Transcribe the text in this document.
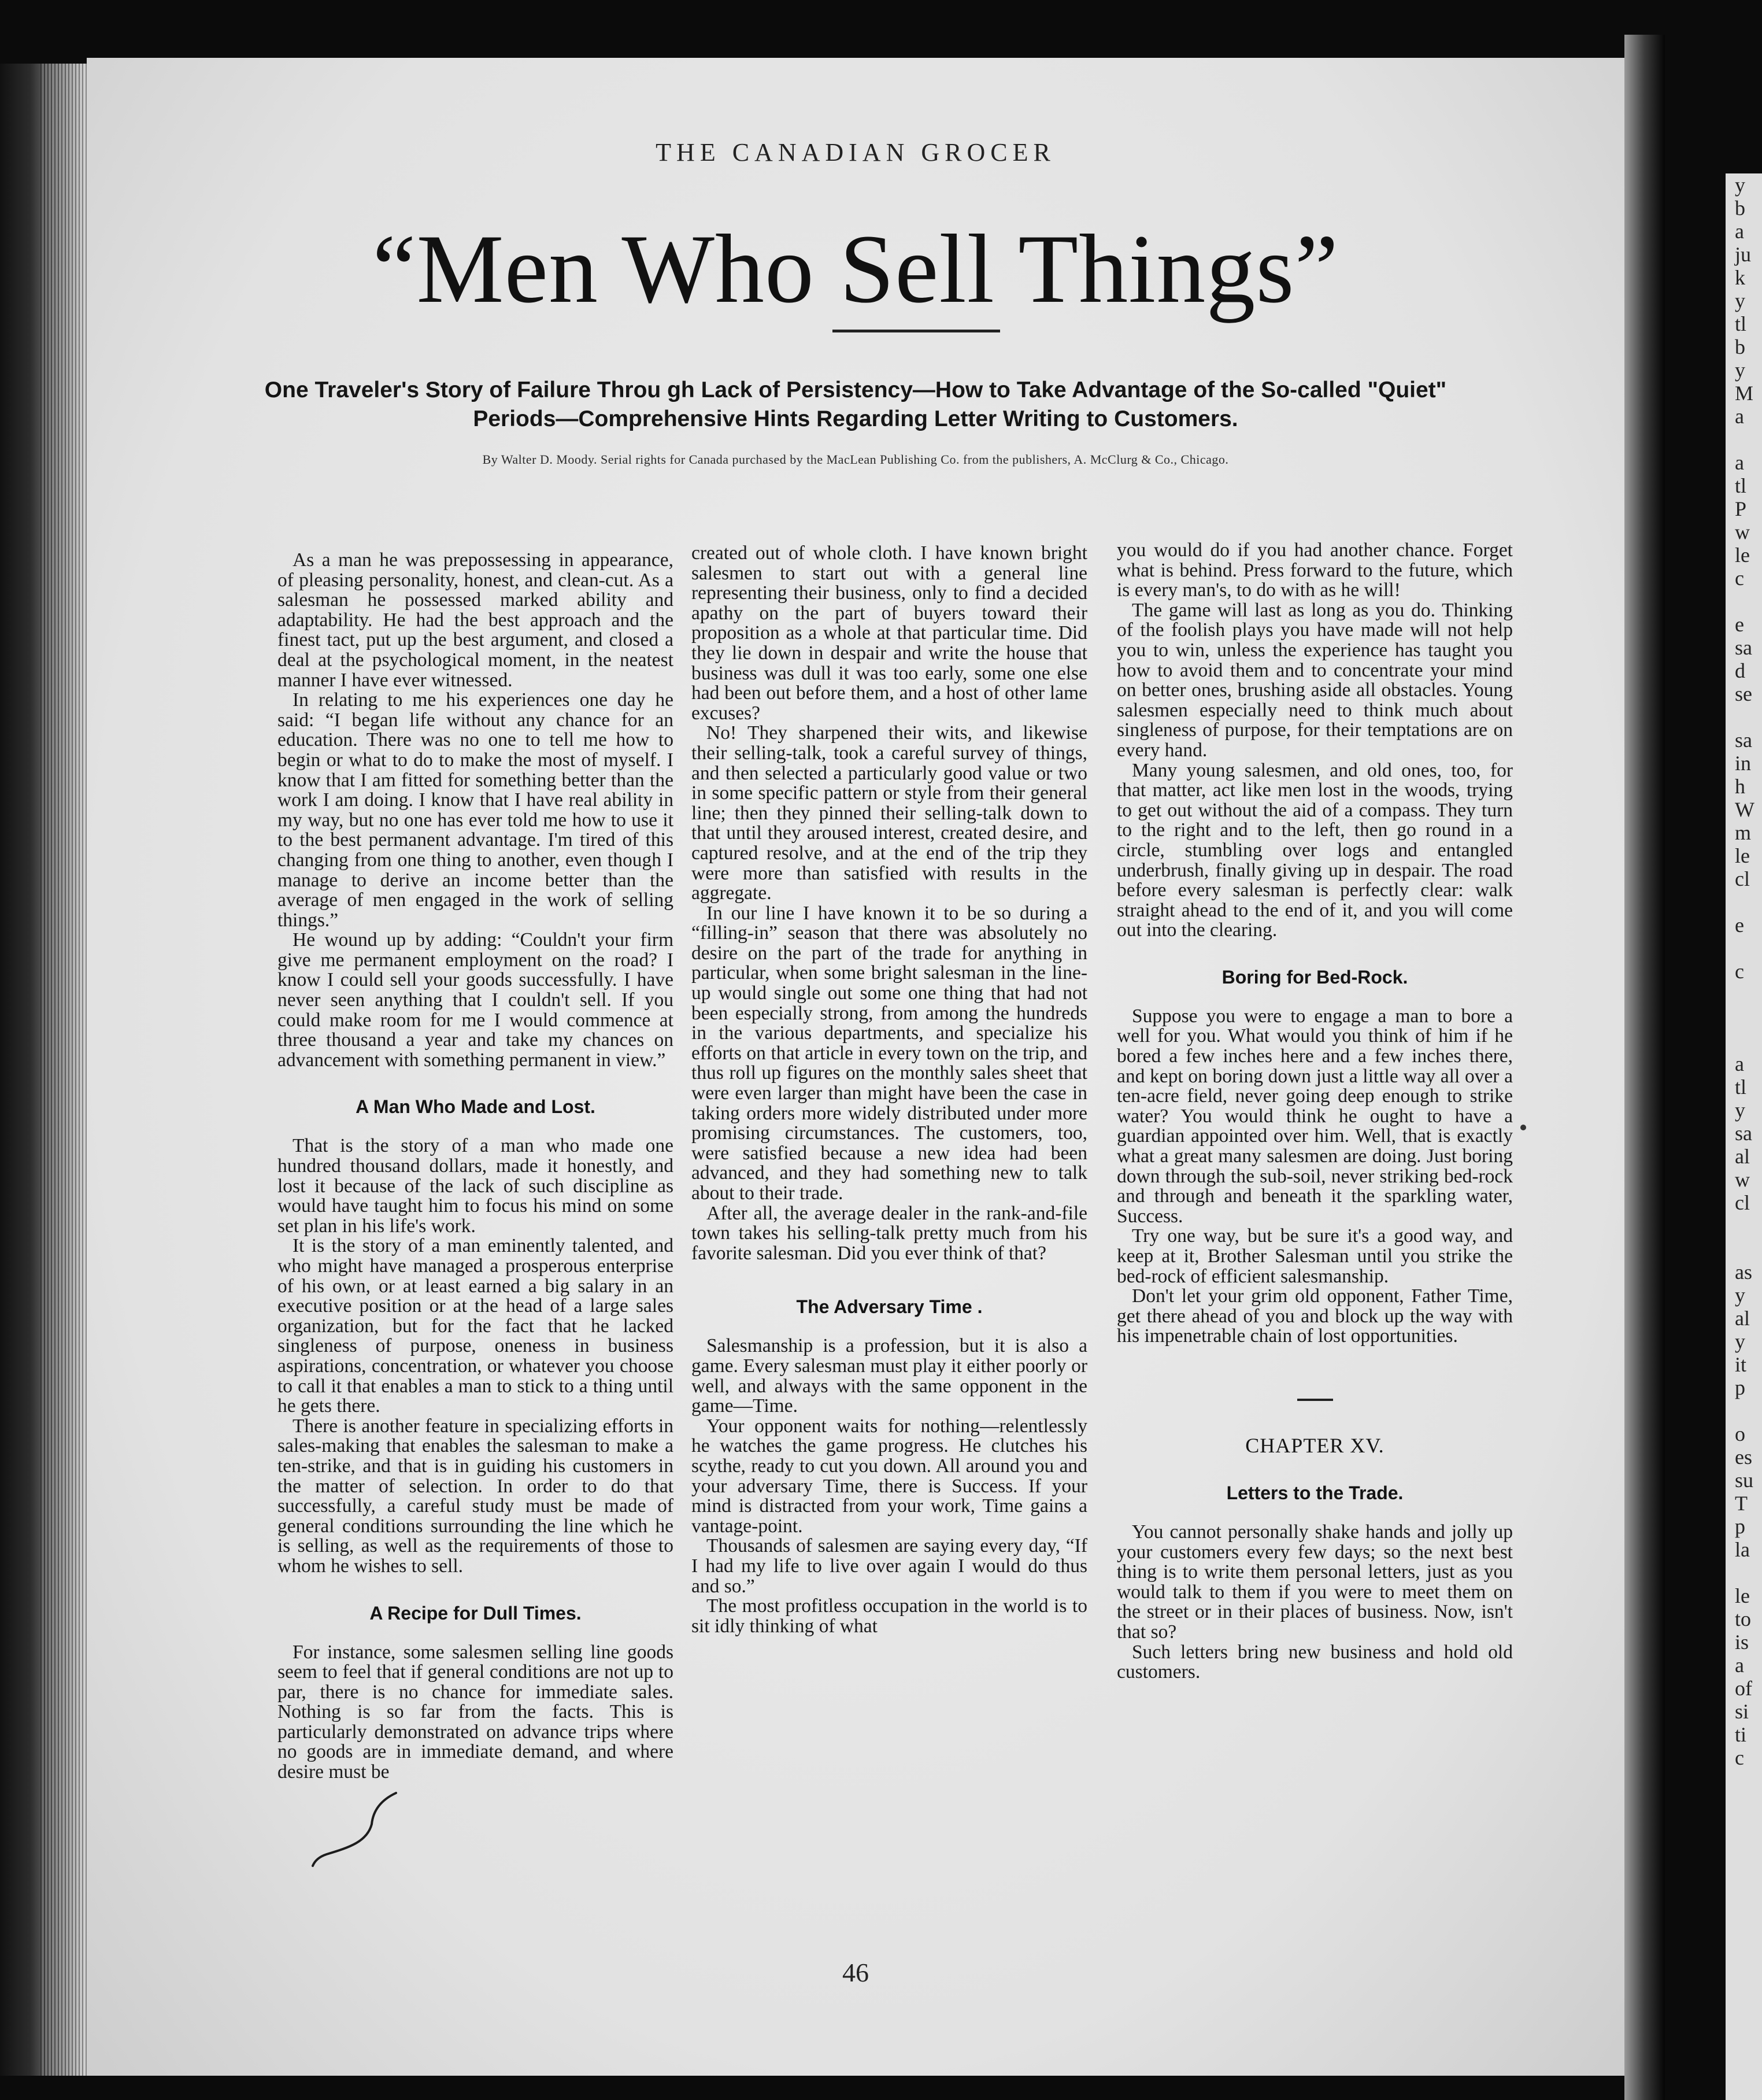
y
b
a
ju
k
y
tl
b
y
M
a

a
tl
P
w
le
c

e
sa
d
se

sa
in
h
W
m
le
cl

e

c

a
tl
y
sa
al
w
cl

as
y
al
y
it
p

o
es
su
T
p
la

le
to
is
a
of
si
ti
c
THE CANADIAN GROCER
“Men Who Sell Things”
One Traveler's Story of Failure Throu gh Lack of Persistency—How to Take Advantage of the So-called "Quiet"
Periods—Comprehensive Hints Regarding Letter Writing to Customers.
By Walter D. Moody. Serial rights for Canada purchased by the MacLean Publishing Co. from the publishers, A. McClurg & Co., Chicago.

As a man he was prepossessing in appearance, of pleasing personality, honest, and clean-cut. As a salesman he possessed marked ability and adaptability. He had the best approach and the finest tact, put up the best argument, and closed a deal at the psychological moment, in the neatest manner I have ever witnessed.

In relating to me his experiences one day he said: “I began life without any chance for an education. There was no one to tell me how to begin or what to do to make the most of myself. I know that I am fitted for something better than the work I am doing. I know that I have real ability in my way, but no one has ever told me how to use it to the best permanent advantage. I'm tired of this changing from one thing to another, even though I manage to derive an income better than the average of men engaged in the work of selling things.”

He wound up by adding: “Couldn't your firm give me permanent employment on the road? I know I could sell your goods successfully. I have never seen anything that I couldn't sell. If you could make room for me I would commence at three thousand a year and take my chances on advancement with something permanent in view.”

A Man Who Made and Lost.

That is the story of a man who made one hundred thousand dollars, made it honestly, and lost it because of the lack of such discipline as would have taught him to focus his mind on some set plan in his life's work.

It is the story of a man eminently talented, and who might have managed a prosperous enterprise of his own, or at least earned a big salary in an executive position or at the head of a large sales organization, but for the fact that he lacked singleness of purpose, oneness in business aspirations, concentration, or whatever you choose to call it that enables a man to stick to a thing until he gets there.

There is another feature in specializing efforts in sales-making that enables the salesman to make a ten-strike, and that is in guiding his customers in the matter of selection. In order to do that successfully, a careful study must be made of general conditions surrounding the line which he is selling, as well as the requirements of those to whom he wishes to sell.

A Recipe for Dull Times.

For instance, some salesmen selling line goods seem to feel that if general conditions are not up to par, there is no chance for immediate sales. Nothing is so far from the facts. This is particularly demonstrated on advance trips where no goods are in immediate demand, and where desire must be

created out of whole cloth. I have known bright salesmen to start out with a general line representing their business, only to find a decided apathy on the part of buyers toward their proposition as a whole at that particular time. Did they lie down in despair and write the house that business was dull it was too early, some one else had been out before them, and a host of other lame excuses?

No! They sharpened their wits, and likewise their selling-talk, took a careful survey of things, and then selected a particularly good value or two in some specific pattern or style from their general line; then they pinned their selling-talk down to that until they aroused interest, created desire, and captured resolve, and at the end of the trip they were more than satisfied with results in the aggregate.

In our line I have known it to be so during a “filling-in” season that there was absolutely no desire on the part of the trade for anything in particular, when some bright salesman in the line-up would single out some one thing that had not been especially strong, from among the hundreds in the various departments, and specialize his efforts on that article in every town on the trip, and thus roll up figures on the monthly sales sheet that were even larger than might have been the case in taking orders more widely distributed under more promising circumstances. The customers, too, were satisfied because a new idea had been advanced, and they had something new to talk about to their trade.

After all, the average dealer in the rank-and-file town takes his selling-talk pretty much from his favorite salesman. Did you ever think of that?

The Adversary Time .

Salesmanship is a profession, but it is also a game. Every salesman must play it either poorly or well, and always with the same opponent in the game—Time.

Your opponent waits for nothing—relentlessly he watches the game progress. He clutches his scythe, ready to cut you down. All around you and your adversary Time, there is Success. If your mind is distracted from your work, Time gains a vantage-point.

Thousands of salesmen are saying every day, “If I had my life to live over again I would do thus and so.”

The most profitless occupation in the world is to sit idly thinking of what

you would do if you had another chance. Forget what is behind. Press forward to the future, which is every man's, to do with as he will!

The game will last as long as you do. Thinking of the foolish plays you have made will not help you to win, unless the experience has taught you how to avoid them and to concentrate your mind on better ones, brushing aside all obstacles. Young salesmen especially need to think much about singleness of purpose, for their temptations are on every hand.

Many young salesmen, and old ones, too, for that matter, act like men lost in the woods, trying to get out without the aid of a compass. They turn to the right and to the left, then go round in a circle, stumbling over logs and entangled underbrush, finally giving up in despair. The road before every salesman is perfectly clear: walk straight ahead to the end of it, and you will come out into the clearing.

Boring for Bed-Rock.

Suppose you were to engage a man to bore a well for you. What would you think of him if he bored a few inches here and a few inches there, and kept on boring down just a little way all over a ten-acre field, never going deep enough to strike water? You would think he ought to have a guardian appointed over him. Well, that is exactly what a great many salesmen are doing. Just boring down through the sub-soil, never striking bed-rock and through and beneath it the sparkling water, Success.

Try one way, but be sure it's a good way, and keep at it, Brother Salesman until you strike the bed-rock of efficient salesmanship.

Don't let your grim old opponent, Father Time, get there ahead of you and block up the way with his impenetrable chain of lost opportunities.

CHAPTER XV.
Letters to the Trade.

You cannot personally shake hands and jolly up your customers every few days; so the next best thing is to write them personal letters, just as you would talk to them if you were to meet them on the street or in their places of business. Now, isn't that so?

Such letters bring new business and hold old customers.

46
